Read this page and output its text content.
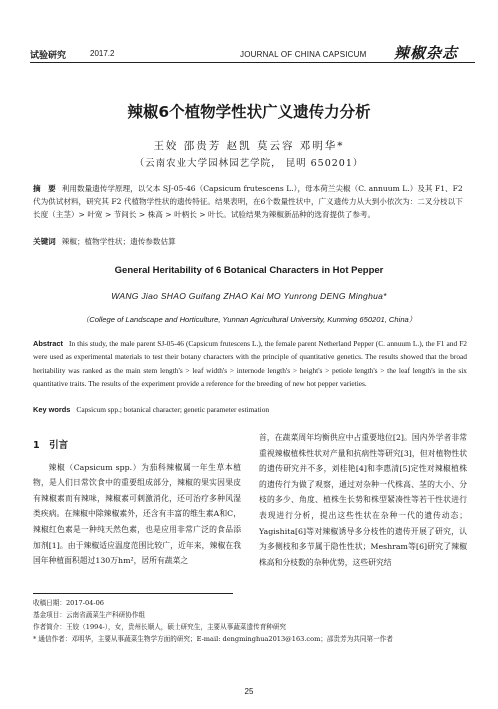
试验研究	2017.2	JOURNAL OF CHINA CAPSICUM 辣椒杂志
辣椒6个植物学性状广义遗传力分析
王姣 邵贵芳 赵凯 莫云容 邓明华*
（云南农业大学园林园艺学院， 昆明 650201）
摘　要 利用数量遗传学原理，以父本 SJ-05-46（Capsicum frutescens L.），母本荷兰尖椒（C. annuum L.）及其 F1、F2 代为供试材料，研究其 F2 代植物学性状的遗传特征。结果表明，在6个数量性状中，广义遗传力从大到小依次为：二叉分枝以下长度（主茎）> 叶宽 > 节间长 > 株高 > 叶柄长 > 叶长。试验结果为辣椒新品种的选育提供了参考。
关键词 辣椒；植物学性状；遗传参数估算
General Heritability of 6 Botanical Characters in Hot Pepper
WANG Jiao SHAO Guifang ZHAO Kai MO Yunrong DENG Minghua*
（College of Landscape and Horticulture, Yunnan Agricultural University, Kunming 650201, China）
Abstract In this study, the male parent SJ-05-46 (Capsicum frutescens L.), the female parent Netherland Pepper (C. annuum L.), the F1 and F2 were used as experimental materials to test their botany characters with the principle of quantitative genetics. The results showed that the broad heritability was ranked as the main stem length's > leaf width's > internode length's > height's > petiole length's > the leaf length's in the six quantitative traits. The results of the experiment provide a reference for the breeding of new hot pepper varieties.
Key words Capsicum spp.; botanical character; genetic parameter estimation
1　引言
辣椒（Capsicum spp.）为茄科辣椒属一年生草本植物，是人们日常饮食中的重要组成部分，辣椒的果实因果皮有辣椒素而有辣味，辣椒素可刺激消化，还可治疗多种风湿类疾病。在辣椒中除辣椒素外，还含有丰富的维生素A和C，辣椒红色素是一种纯天然色素，也是应用非常广泛的食品添加剂[1]。由于辣椒适应温度范围比较广，近年来，辣椒在我国年种植面积超过130万hm²，居所有蔬菜之
首，在蔬菜周年均衡供应中占重要地位[2]。国内外学者非常重视辣椒植株性状对产量和抗病性等研究[3]，但对植物性状的遗传研究并不多，刘桂艳[4]和李惠清[5]定性对辣椒植株的遗传行为做了观察，通过对杂种一代株高、茎的大小、分枝的多少、角度、植株生长势和株型紧凑性等若干性状进行表现进行分析，提出这些性状在杂种一代的遗传动态；Yagishita[6]等对辣椒诱导多分枝性的遗传开展了研究，认为多侧枝和多节属于隐性性状；Meshram等[6]研究了辣椒株高和分枝数的杂种优势，这些研究结
收稿日期：2017-04-06
基金项目：云南省蔬菜生产科研协作组
作者简介：王姣（1994-），女，贵州长顺人，硕士研究生，主要从事蔬菜遗传育种研究
* 通信作者：邓明华，主要从事蔬菜生物学方面的研究；E-mail: dengminghua2013@163.com；邵贵芳为共同第一作者
25
